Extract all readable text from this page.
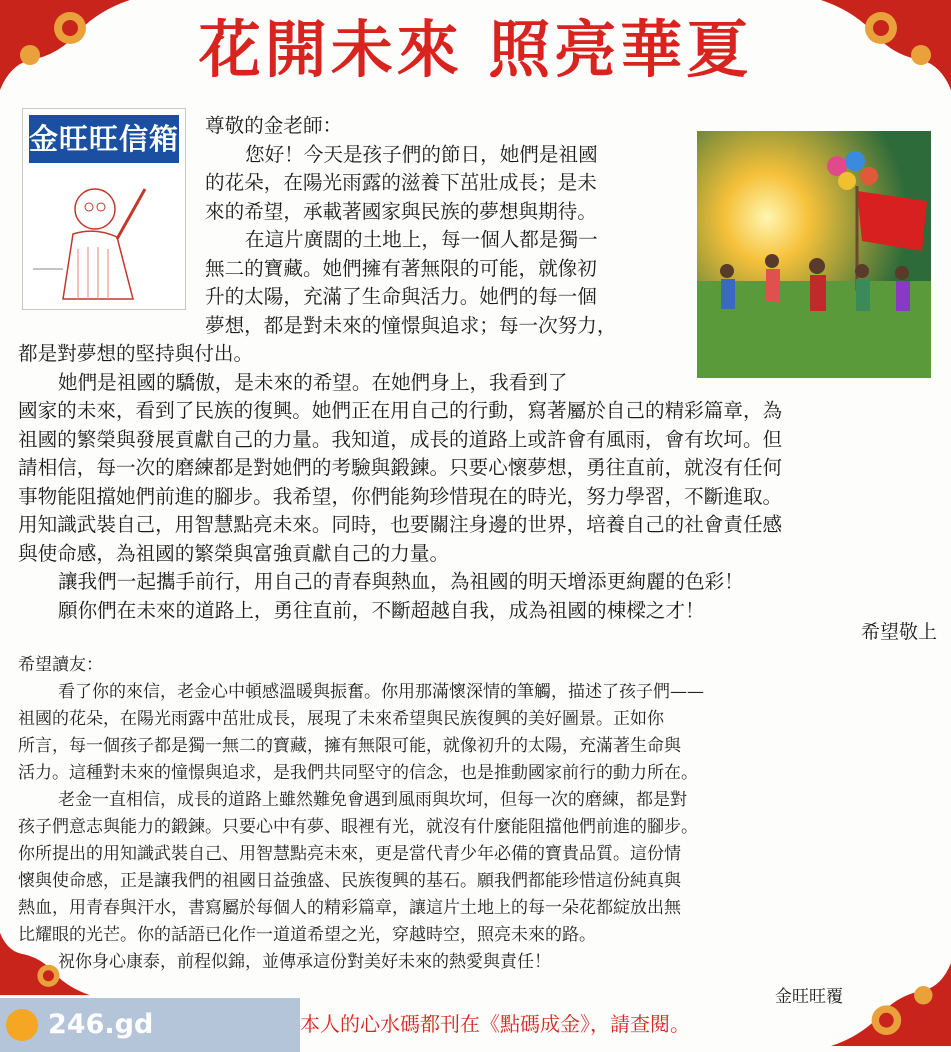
花開未來 照亮華夏
金旺旺信箱 尊敬的金老師：
您好！今天是孩子們的節日，她們是祖國
的花朵，在陽光雨露的滋養下茁壯成長；是未
來的希望，承載著國家與民族的夢想與期待。
在這片廣闊的土地上，每一個人都是獨一
無二的寶藏。她們擁有著無限的可能，就像初
升的太陽，充滿了生命與活力。她們的每一個
夢想，都是對未來的憧憬與追求；每一次努力，
都是對夢想的堅持與付出。
她們是祖國的驕傲，是未來的希望。在她們身上，我看到了
國家的未來，看到了民族的復興。她們正在用自己的行動，寫著屬於自己的精彩篇章，為
祖國的繁榮與發展貢獻自己的力量。我知道，成長的道路上或許會有風雨，會有坎坷。但
請相信，每一次的磨練都是對她們的考驗與鍛鍊。只要心懷夢想，勇往直前，就沒有任何
事物能阻擋她們前進的腳步。我希望，你們能夠珍惜現在的時光，努力學習，不斷進取。
用知識武裝自己，用智慧點亮未來。同時，也要關注身邊的世界，培養自己的社會責任感
與使命感，為祖國的繁榮與富強貢獻自己的力量。
讓我們一起攜手前行，用自己的青春與熱血，為祖國的明天增添更絢麗的色彩！
願你們在未來的道路上，勇往直前，不斷超越自我，成為祖國的棟樑之才！
希望敬上
希望讀友：
看了你的來信，老金心中頓感溫暖與振奮。你用那滿懷深情的筆觸，描述了孩子們——
祖國的花朵，在陽光雨露中茁壯成長，展現了未來希望與民族復興的美好圖景。正如你
所言，每一個孩子都是獨一無二的寶藏，擁有無限可能，就像初升的太陽，充滿著生命與
活力。這種對未來的憧憬與追求，是我們共同堅守的信念，也是推動國家前行的動力所在。
老金一直相信，成長的道路上雖然難免會遇到風雨與坎坷，但每一次的磨練，都是對
孩子們意志與能力的鍛鍊。只要心中有夢、眼裡有光，就沒有什麼能阻擋他們前進的腳步。
你所提出的用知識武裝自己、用智慧點亮未來，更是當代青少年必備的寶貴品質。這份情
懷與使命感，正是讓我們的祖國日益強盛、民族復興的基石。願我們都能珍惜這份純真與
熱血，用青春與汗水，書寫屬於每個人的精彩篇章，讓這片土地上的每一朵花都綻放出無
比耀眼的光芒。你的話語已化作一道道希望之光，穿越時空，照亮未來的路。
祝你身心康泰，前程似錦，並傳承這份對美好未來的熱愛與責任！
金旺旺覆
本人的心水碼都刊在《點碼成金》，請查閱。
246.gd
